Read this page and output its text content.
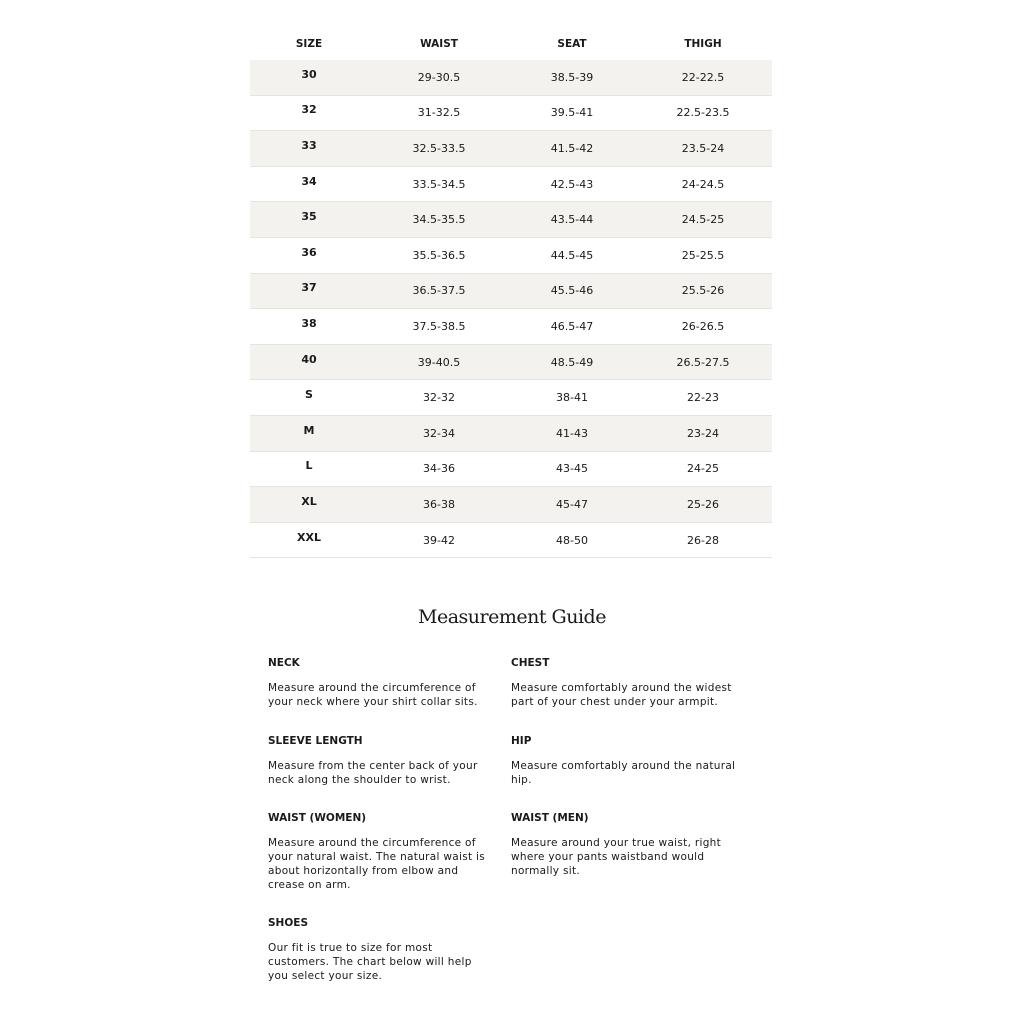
SIZE	WAIST	SEAT	THIGH
30	29-30.5	38.5-39	22-22.5
32	31-32.5	39.5-41	22.5-23.5
33	32.5-33.5	41.5-42	23.5-24
34	33.5-34.5	42.5-43	24-24.5
35	34.5-35.5	43.5-44	24.5-25
36	35.5-36.5	44.5-45	25-25.5
37	36.5-37.5	45.5-46	25.5-26
38	37.5-38.5	46.5-47	26-26.5
40	39-40.5	48.5-49	26.5-27.5
S	32-32	38-41	22-23
M	32-34	41-43	23-24
L	34-36	43-45	24-25
XL	36-38	45-47	25-26
XXL	39-42	48-50	26-28
Measurement Guide
NECK

Measure around the circumference of your neck where your shirt collar sits.

CHEST

Measure comfortably around the widest part of your chest under your armpit.

SLEEVE LENGTH

Measure from the center back of your neck along the shoulder to wrist.

HIP

Measure comfortably around the natural hip.

WAIST (WOMEN)

Measure around the circumference of your natural waist. The natural waist is about horizontally from elbow and crease on arm.

WAIST (MEN)

Measure around your true waist, right where your pants waistband would normally sit.

SHOES

Our fit is true to size for most customers. The chart below will help you select your size.
